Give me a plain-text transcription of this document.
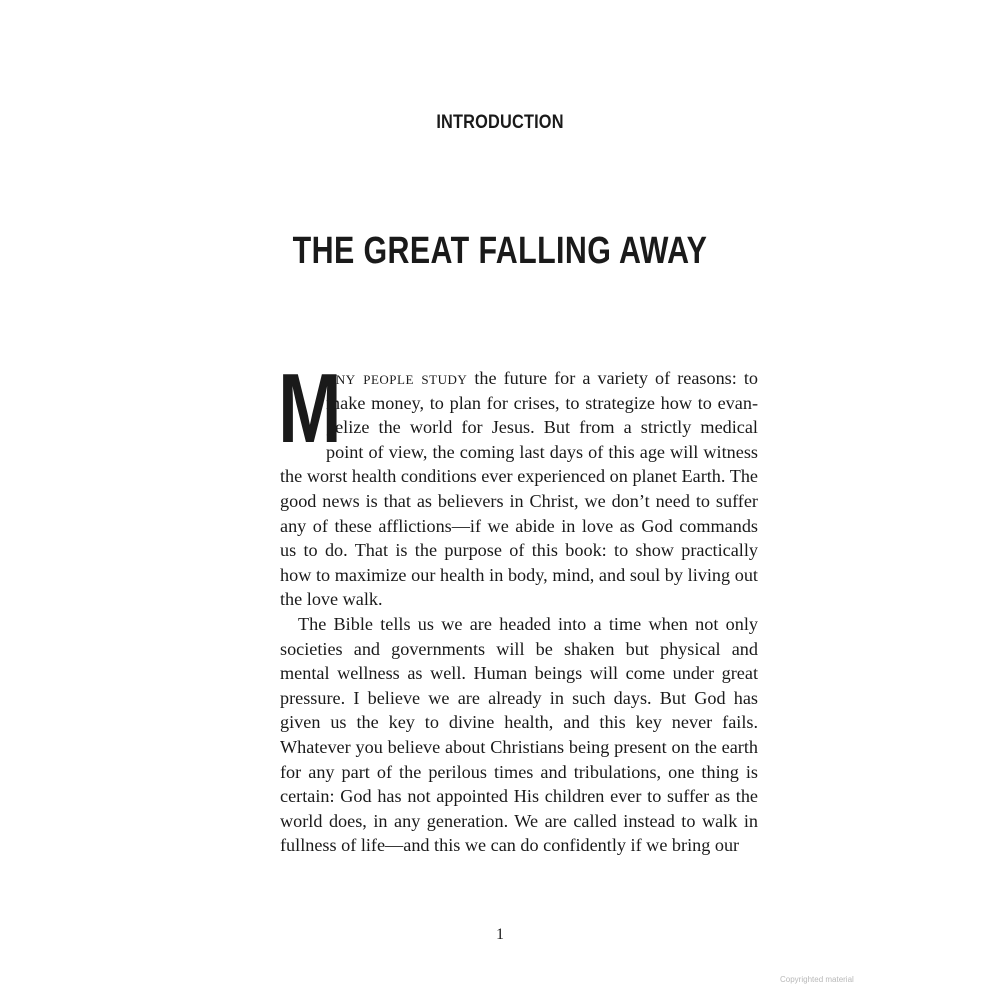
INTRODUCTION
THE GREAT FALLING AWAY

M
any people study the future for a variety of reasons: to make money, to plan for crises, to strategize how to evangelize the world for Jesus. But from a strictly medical point of view, the coming last days of this age will witness the worst health conditions ever experienced on planet Earth. The good news is that as believers in Christ, we don’t need to suffer any of these afflictions—if we abide in love as God commands us to do. That is the purpose of this book: to show practically how to maximize our health in body, mind, and soul by living out the love walk.

The Bible tells us we are headed into a time when not only societies and governments will be shaken but physical and mental wellness as well. Human beings will come under great pressure. I believe we are already in such days. But God has given us the key to divine health, and this key never fails. Whatever you believe about Christians being present on the earth for any part of the perilous times and tribulations, one thing is certain: God has not appointed His children ever to suffer as the world does, in any generation. We are called instead to walk in fullness of life—and this we can do confidently if we bring our

1

Copyrighted material
